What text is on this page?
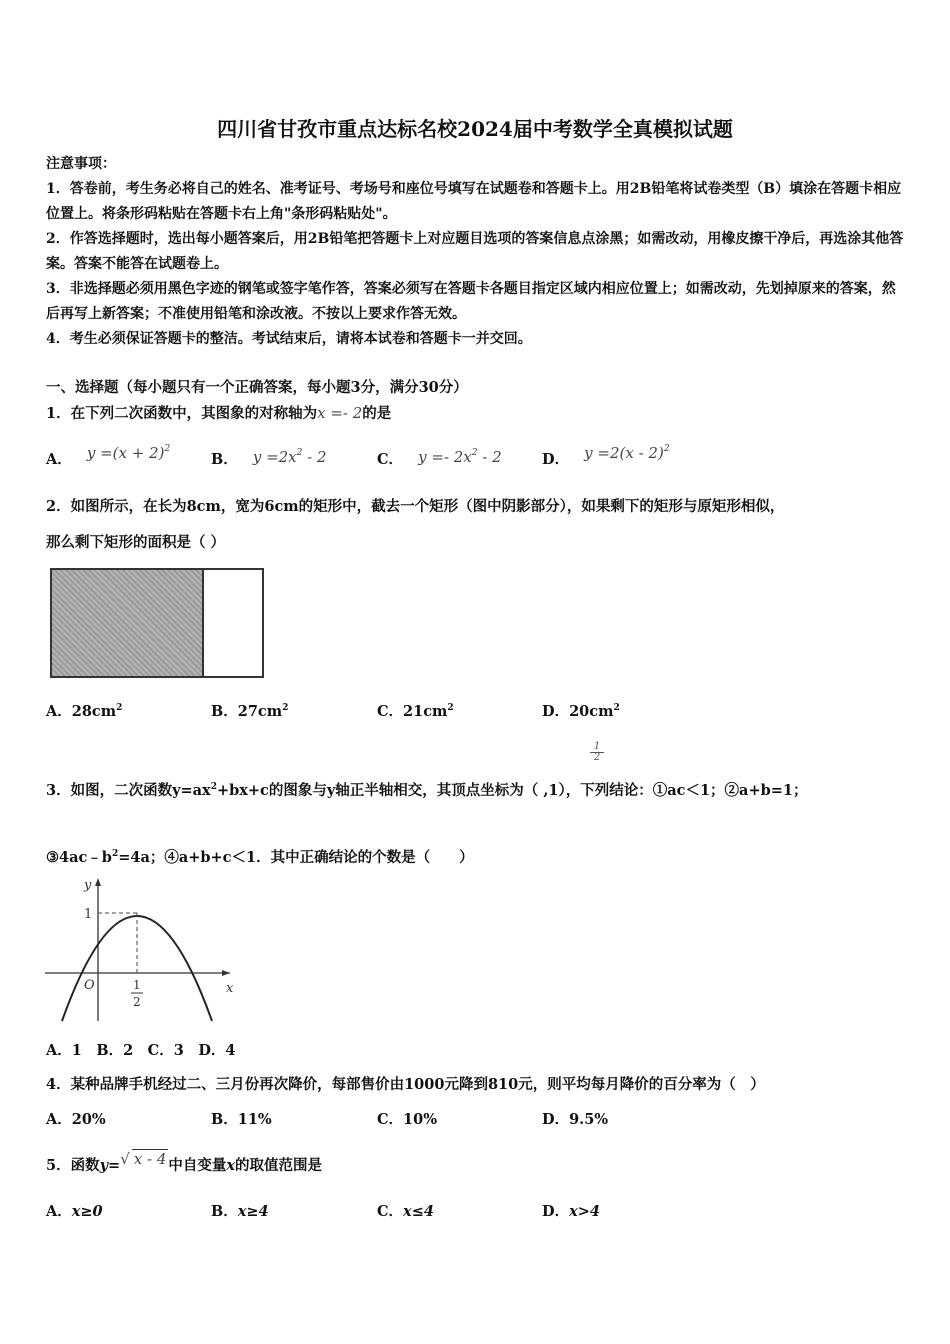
四川省甘孜市重点达标名校2024届中考数学全真模拟试题

注意事项：

1．答卷前，考生务必将自己的姓名、准考证号、考场号和座位号填写在试题卷和答题卡上。用2B铅笔将试卷类型（B）填涂在答题卡相应位置上。将条形码粘贴在答题卡右上角"条形码粘贴处"。

2．作答选择题时，选出每小题答案后，用2B铅笔把答题卡上对应题目选项的答案信息点涂黑；如需改动，用橡皮擦干净后，再选涂其他答案。答案不能答在试题卷上。

3．非选择题必须用黑色字迹的钢笔或签字笔作答，答案必须写在答题卡各题目指定区域内相应位置上；如需改动，先划掉原来的答案，然后再写上新答案；不准使用铅笔和涂改液。不按以上要求作答无效。

4．考生必须保证答题卡的整洁。考试结束后，请将本试卷和答题卡一并交回。

一、选择题（每小题只有一个正确答案，每小题3分，满分30分）
1．在下列二次函数中，其图象的对称轴为x =- 2的是
A． $y =(x + 2)^2$
B． $y =2x^2 - 2$	C． $y =- 2x^2 - 2$	D． y =2(x - 2)$^2$
2．如图所示，在长为8cm，宽为6cm的矩形中，截去一个矩形（图中阴影部分），如果剩下的矩形与原矩形相似，
那么剩下矩形的面积是（ ）
A．$28cm^2$	B．$27cm^2$	C．$21cm^2$	D．$20cm^2$
$\frac{1}{2}$
3．如图，二次函数$y=ax^2+bx+c$的图象与y轴正半轴相交，其顶点坐标为（ ,1），下列结论：①ac＜1；②a+b=1；
$③4ac﹣b^2=4a$；④a+b+c＜1．其中正确结论的个数是（　　）
y
x
O
1
1
2
A．1　B．2　C．3　D．4
4．某种品牌手机经过二、三月份再次降价，每部售价由1000元降到810元，则平均每月降价的百分率为（　）
A．20%	B．11%	C．10%	D．9.5%
5．函数y=√ x - 4 中自变量x的取值范围是
A．x≥0	B．x≥4	C．x≤4	D．x>4
